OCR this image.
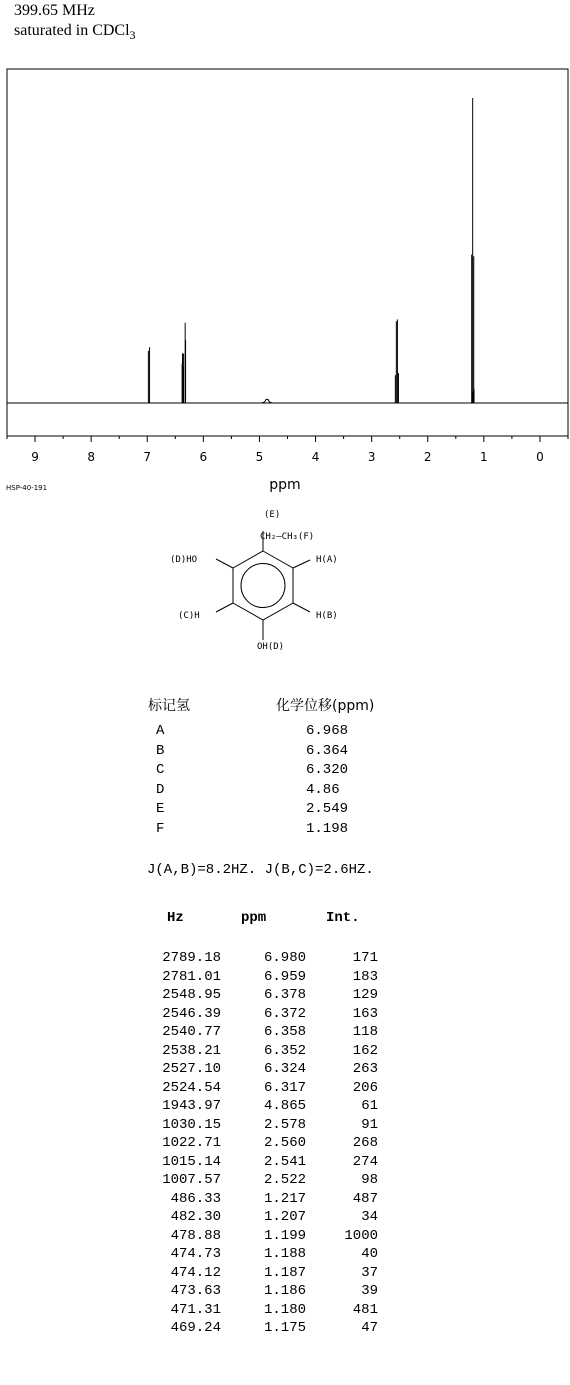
399.65 MHz
saturated in CDCl$_3$
9	8	7	6	5	4	3	2	1	0
ppm
HSP-40-191
(E)
CH₂—CH₃(F)
(D)HO	H(A)
(C)H	H(B)
OH(D)
标记氢	化学位移(ppm)
A	6.968
B	6.364
C	6.320
D	4.86
E	2.549
F	1.198
J(A,B)=8.2HZ. J(B,C)=2.6HZ.
Hz	ppm	Int.
2789.18	6.980	171
2781.01	6.959	183
2548.95	6.378	129
2546.39	6.372	163
2540.77	6.358	118
2538.21	6.352	162
2527.10	6.324	263
2524.54	6.317	206
1943.97	4.865	61
1030.15	2.578	91
1022.71	2.560	268
1015.14	2.541	274
1007.57	2.522	98
486.33	1.217	487
482.30	1.207	34
478.88	1.199	1000
474.73	1.188	40
474.12	1.187	37
473.63	1.186	39
471.31	1.180	481
469.24	1.175	47
